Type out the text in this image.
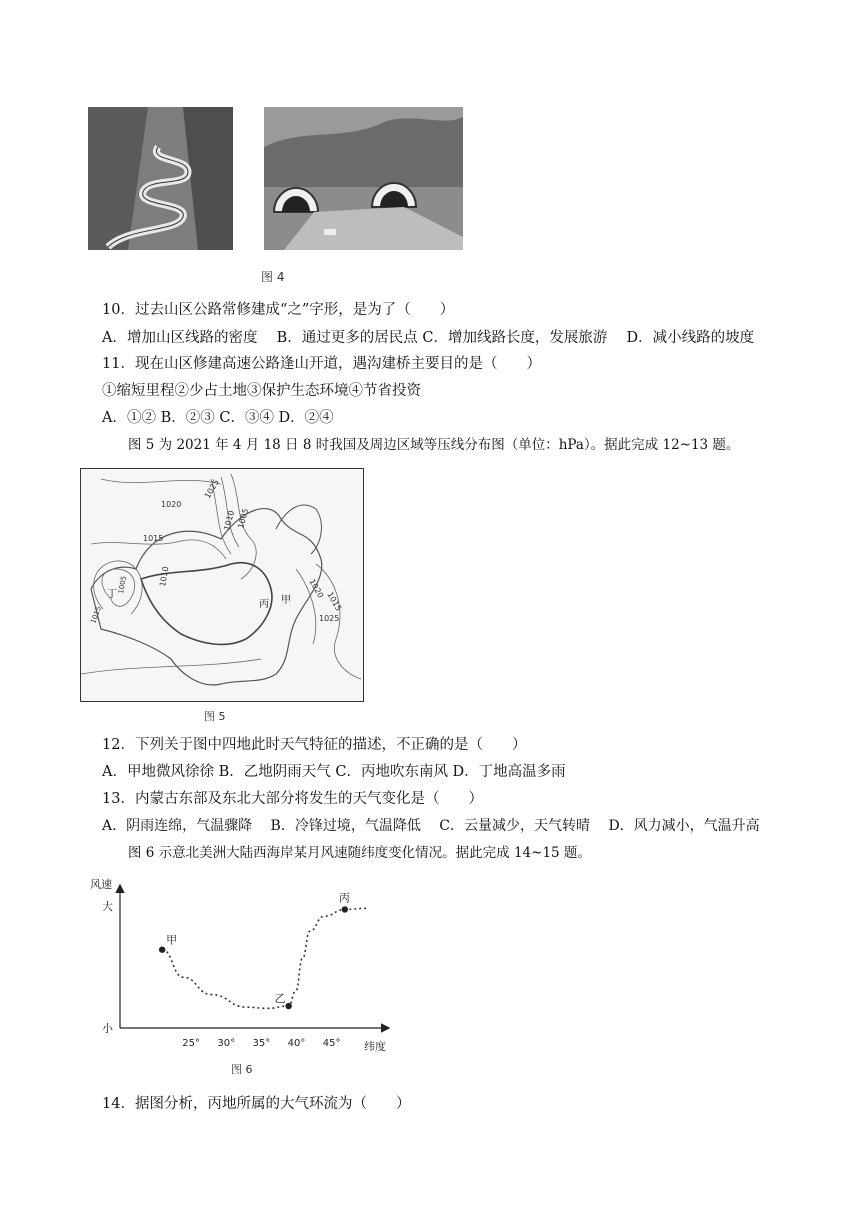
图 4
10．过去山区公路常修建成“之”字形，是为了（　　）
A．增加山区线路的密度　 B．通过更多的居民点 C．增加线路长度，发展旅游　 D．减小线路的坡度
11．现在山区修建高速公路逢山开道，遇沟建桥主要目的是（　　）
①缩短里程②少占土地③保护生态环境④节省投资
A．①② B．②③ C．③④ D．②④
图 5 为 2021 年 4 月 18 日 8 时我国及周边区域等压线分布图（单位：hPa）。据此完成 12~13 题。
1020
1025
1010 1005
1015
1010
1015
1020
1025
1005
1015
丁
丙 甲
图 5
12．下列关于图中四地此时天气特征的描述，不正确的是（　　）
A．甲地微风徐徐 B．乙地阴雨天气 C．丙地吹东南风 D．丁地高温多雨
13．内蒙古东部及东北大部分将发生的天气变化是（　　）
A．阴雨连绵，气温骤降　 B．冷锋过境，气温降低　 C．云量减少，天气转晴　 D．风力减小，气温升高
图 6 示意北美洲大陆西海岸某月风速随纬度变化情况。据此完成 14~15 题。
风速
大
小
纬度
25° 30° 35° 40° 45°
甲
乙
丙
图 6
14．据图分析，丙地所属的大气环流为（　　）
